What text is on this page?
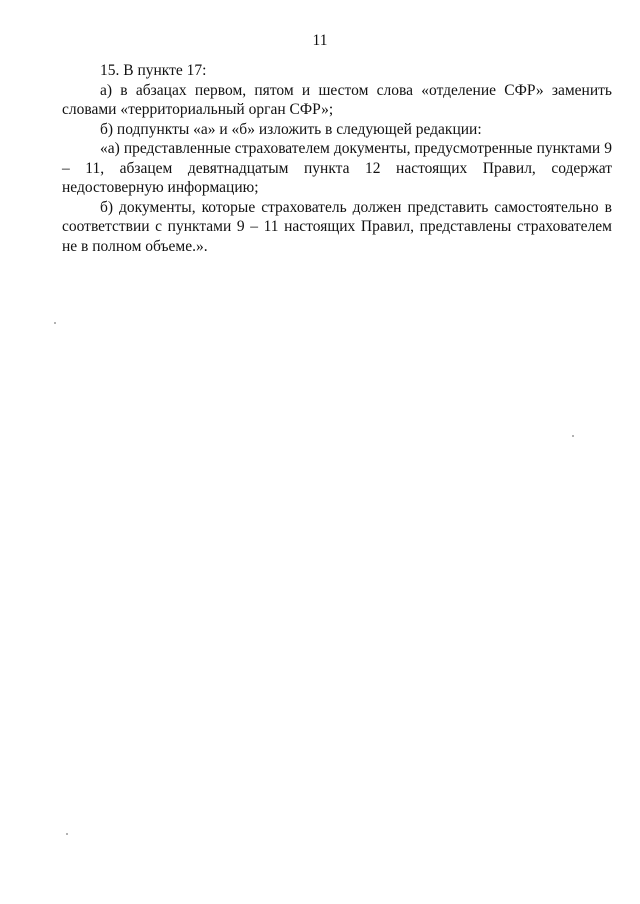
11

15. В пункте 17:

а) в абзацах первом, пятом и шестом слова «отделение СФР» заменить словами «территориальный орган СФР»;

б) подпункты «а» и «б» изложить в следующей редакции:

«а) представленные страхователем документы, предусмотренные пунктами 9 – 11, абзацем девятнадцатым пункта 12 настоящих Правил, содержат недостоверную информацию;

б) документы, которые страхователь должен представить самостоятельно в соответствии с пунктами 9 – 11 настоящих Правил, представлены страхователем не в полном объеме.».
